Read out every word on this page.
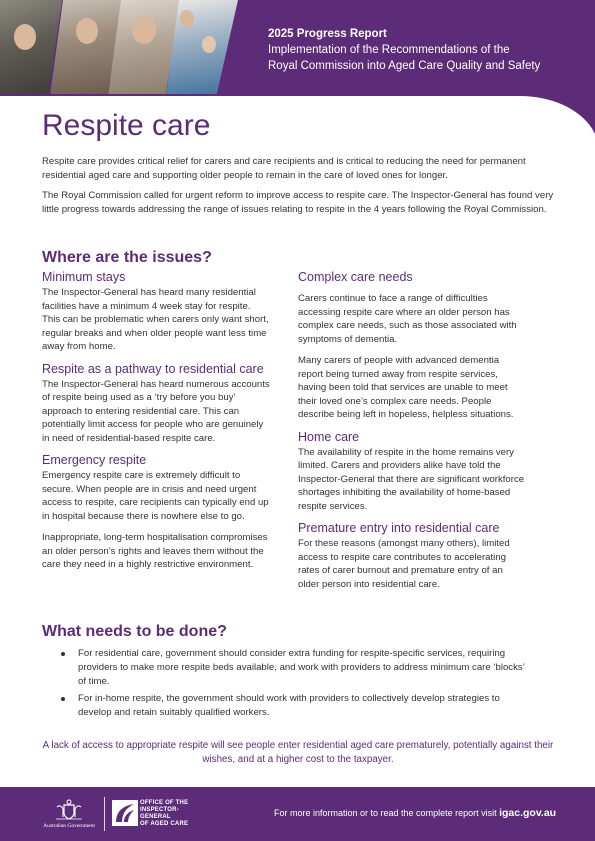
2025 Progress Report
Implementation of the Recommendations of the
Royal Commission into Aged Care Quality and Safety
Respite care

Respite care provides critical relief for carers and care recipients and is critical to reducing the need for permanent residential aged care and supporting older people to remain in the care of loved ones for longer.

The Royal Commission called for urgent reform to improve access to respite care. The Inspector-General has found very little progress towards addressing the range of issues relating to respite in the 4 years following the Royal Commission.

Where are the issues?
Minimum stays

The Inspector-General has heard many residential facilities have a minimum 4 week stay for respite. This can be problematic when carers only want short, regular breaks and when older people want less time away from home.

Respite as a pathway to residential care

The Inspector-General has heard numerous accounts of respite being used as a ‘try before you buy’ approach to entering residential care. This can potentially limit access for people who are genuinely in need of residential-based respite care.

Emergency respite

Emergency respite care is extremely difficult to secure. When people are in crisis and need urgent access to respite, care recipients can typically end up in hospital because there is nowhere else to go.

Inappropriate, long-term hospitalisation compromises an older person’s rights and leaves them without the care they need in a highly restrictive environment.

Complex care needs

Carers continue to face a range of difficulties accessing respite care where an older person has complex care needs, such as those associated with symptoms of dementia.

Many carers of people with advanced dementia report being turned away from respite services, having been told that services are unable to meet their loved one’s complex care needs. People describe being left in hopeless, helpless situations.

Home care

The availability of respite in the home remains very limited. Carers and providers alike have told the Inspector-General that there are significant workforce shortages inhibiting the availability of home-based respite services.

Premature entry into residential care

For these reasons (amongst many others), limited access to respite care contributes to accelerating rates of carer burnout and premature entry of an older person into residential care.

What needs to be done?
For residential care, government should consider extra funding for respite-specific services, requiring providers to make more respite beds available, and work with providers to address minimum care ‘blocks’ of time.
For in-home respite, the government should work with providers to collectively develop strategies to develop and retain suitably qualified workers.

A lack of access to appropriate respite will see people enter residential aged care prematurely, potentially against their wishes, and at a higher cost to the taxpayer.

Australian Government
OFFICE OF THE
INSPECTOR-
GENERAL
OF AGED CARE
For more information or to read the complete report visit igac.gov.au
